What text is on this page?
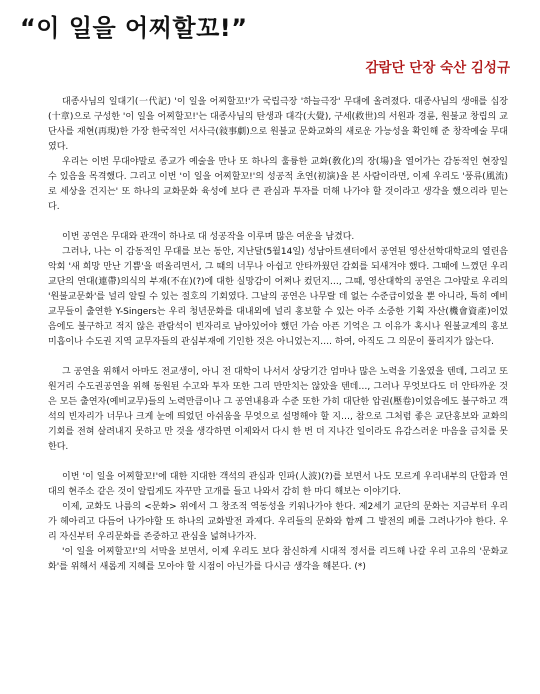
“이 일을 어찌할꼬!”
감람단 단장 숙산 김성규

대종사님의 일대기(一代記) '이 일을 어찌할꼬!'가 국립극장 '하늘극장' 무대에 올려졌다. 대종사님의 생애를 십장(十章)으로 구성한 '이 일을 어찌할꼬!'는 대종사님의 탄생과 대각(大覺), 구세(救世)의 서원과 경륜, 원불교 창립의 교단사를 재현(再現)한 가장 한국적인 서사극(敍事劇)으로 원불교 문화교화의 새로운 가능성을 확인해 준 창작예술 무대였다.

우리는 이번 무대야말로 종교가 예술을 만나 또 하나의 훌륭한 교화(敎化)의 장(場)을 열어가는 감동적인 현장일 수 있음을 목격했다. 그리고 이번 '이 일을 어찌할꼬!'의 성공적 초연(初演)을 본 사람이라면, 이제 우리도 '풍류(風流)로 세상을 건지는' 또 하나의 교화문화 육성에 보다 큰 관심과 투자를 더해 나가야 할 것이라고 생각을 했으리라 믿는다.

이번 공연은 무대와 관객이 하나로 대 성공작을 이루며 많은 여운을 남겼다.

그러나, 나는 이 감동적인 무대를 보는 동안, 지난달(5월14일) 성남아트센터에서 공연된 영산선학대학교의 열린음악회 '새 희망 만난 기쁨'을 떠올리면서, 그 때의 너무나 아쉽고 안타까웠던 감회를 되새겨야 했다. 그때에 느꼈던 우리교단의 연대(連帶)의식의 부재(不在)(?)에 대한 실망감이 어쩌나 컸던지…, 그때, 영산대학의 공연은 그야말로 우리의 '원불교문화'를 널리 알릴 수 있는 절호의 기회였다. 그날의 공연은 나무랄 데 없는 수준급이었을 뿐 아니라, 특히 예비교무들이 출연한 Y-Singers는 우리 청년문화를 대내외에 널리 홍보할 수 있는 아주 소중한 기획 자산(機會資產)이었음에도 불구하고 적지 않은 관람석이 빈자리로 남아있어야 했던 가슴 아픈 기억은 그 이유가 혹시나 원불교계의 홍보미흡이나 수도권 지역 교무자들의 관심부재에 기인한 것은 아니었는지…. 하여, 아직도 그 의문이 풀리지가 않는다.

그 공연을 위해서 아마도 전교생이, 아니 전 대학이 나서서 상당기간 엄마나 많은 노력을 기울였을 텐데, 그리고 또 원거리 수도권공연을 위해 동원된 수고와 투자 또한 그리 만만치는 않았을 텐데…, 그러나 무엇보다도 더 안타까운 것은 모든 출연자(예비교무)들의 노력만큼이나 그 공연내용과 수준 또한 가히 대단한 압권(壓卷)이었음에도 불구하고 객석의 빈자리가 너무나 크게 눈에 띄었던 아쉬움을 무엇으로 설명해야 할 지…, 참으로 그처럼 좋은 교단홍보와 교화의 기회를 전혀 살려내지 못하고 만 것을 생각하면 이제와서 다시 한 번 더 지나간 일이라도 유감스러운 마음을 금치를 못한다.

이번 '이 일을 어찌할꼬!'에 대한 지대한 객석의 관심과 인파(人波)(?)를 보면서 나도 모르게 우리내부의 단합과 연대의 현주소 같은 것이 알립게도 자꾸만 고개를 들고 나와서 감히 한 마디 해보는 이야기다.

이제, 교화도 나름의 <문화> 위에서 그 창조적 역동성을 키워나가야 한다. 제2세기 교단의 문화는 지금부터 우리가 헤아리고 다듬어 나가야할 또 하나의 교화발전 과제다. 우리들의 문화와 함께 그 발전의 폐를 그려나가야 한다. 우리 자신부터 우리문화를 존중하고 관심을 넓혀나가자.

'이 일을 어찌할꼬!'의 서막을 보면서, 이제 우리도 보다 참신하게 시대적 정서를 리드해 나갈 우리 고유의 '문화교화'를 위해서 새롭게 지혜를 모아야 할 시점이 아닌가를 다시금 생각을 해본다. (*)
